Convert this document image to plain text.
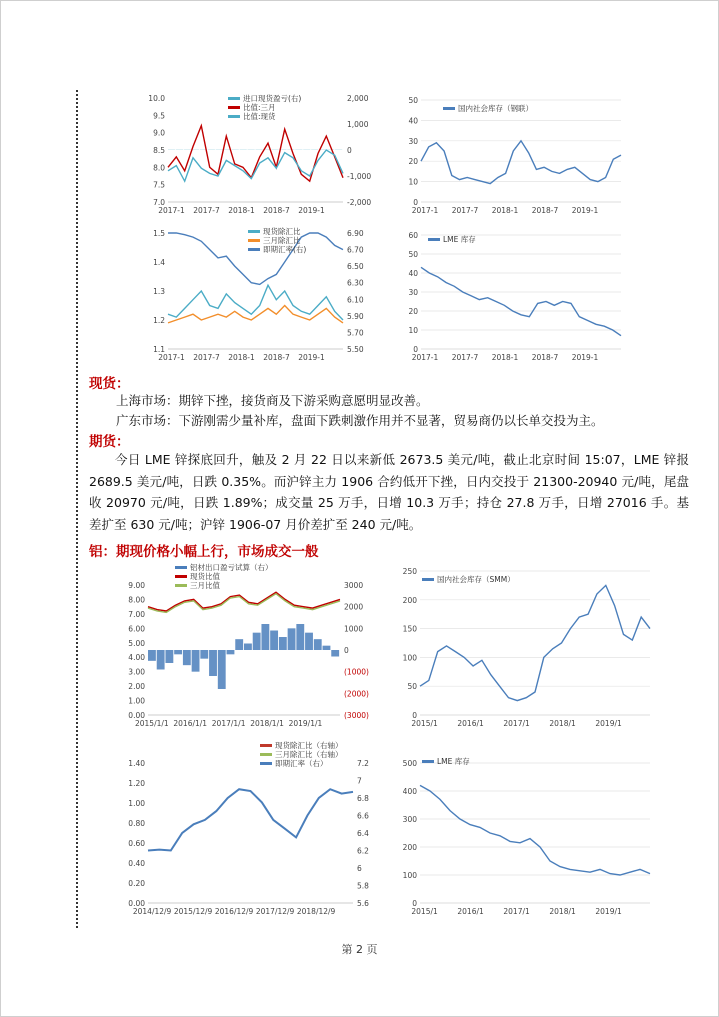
10.0
9.5
9.0
8.5
8.0
7.5
7.0
2,000
1,000
0
-1,000
-2,000
2017-1 2017-7 2018-1 2018-7 2019-1
进口现货盈亏(右)
比值:三月
比值:现货
50
40
30
20
10
0
2017-1 2017-7 2018-1 2018-7 2019-1
国内社会库存（钢联）
1.5
1.4
1.3
1.2
1.1
6.90
6.70
6.50
6.30
6.10
5.90
5.70
5.50
2017-1 2017-7 2018-1 2018-7 2019-1
现货除汇比
三月除汇比
即期汇率(右)
60
50
40
30
20
10
0
2017-1 2017-7 2018-1 2018-7 2019-1
LME 库存
9.00
8.00
7.00
6.00
5.00
4.00
3.00
2.00
1.00
0.00
3000
2000
1000
0
(1000)
(2000)
(3000)
2015/1/1 2016/1/1 2017/1/1 2018/1/1 2019/1/1
铝材出口盈亏试算（右）
现货比值
三月比值
250
200
150
100
50
0
2015/1	2016/1	2017/1	2018/1	2019/1
国内社会库存（SMM）
1.40
1.20
1.00
0.80
0.60
0.40
0.20
0.00
7.2
7
6.8
6.6
6.4
6.2
6
5.8
5.6
2014/12/9 2015/12/9 2016/12/9 2017/12/9 2018/12/9
现货除汇比（右轴）
三月除汇比（右轴）
即期汇率（右）	500
400
300
200
100
0
2015/1	2016/1	2017/1	2018/1	2019/1
LME 库存
现货：
上海市场：期锌下挫，接货商及下游采购意愿明显改善。
广东市场：下游刚需少量补库，盘面下跌刺激作用并不显著，贸易商仍以长单交投为主。
期货：
今日 LME 锌探底回升，触及 2 月 22 日以来新低 2673.5 美元/吨，截止北京时间 15:07，LME 锌报 2689.5 美元/吨，日跌 0.35%。而沪锌主力 1906 合约低开下挫，日内交投于 21300-20940 元/吨，尾盘收 20970 元/吨，日跌 1.89%；成交量 25 万手，日增 10.3 万手；持仓 27.8 万手，日增 27016 手。基差扩至 630 元/吨；沪锌 1906-07 月价差扩至 240 元/吨。
铝：期现价格小幅上行，市场成交一般
第 2 页
